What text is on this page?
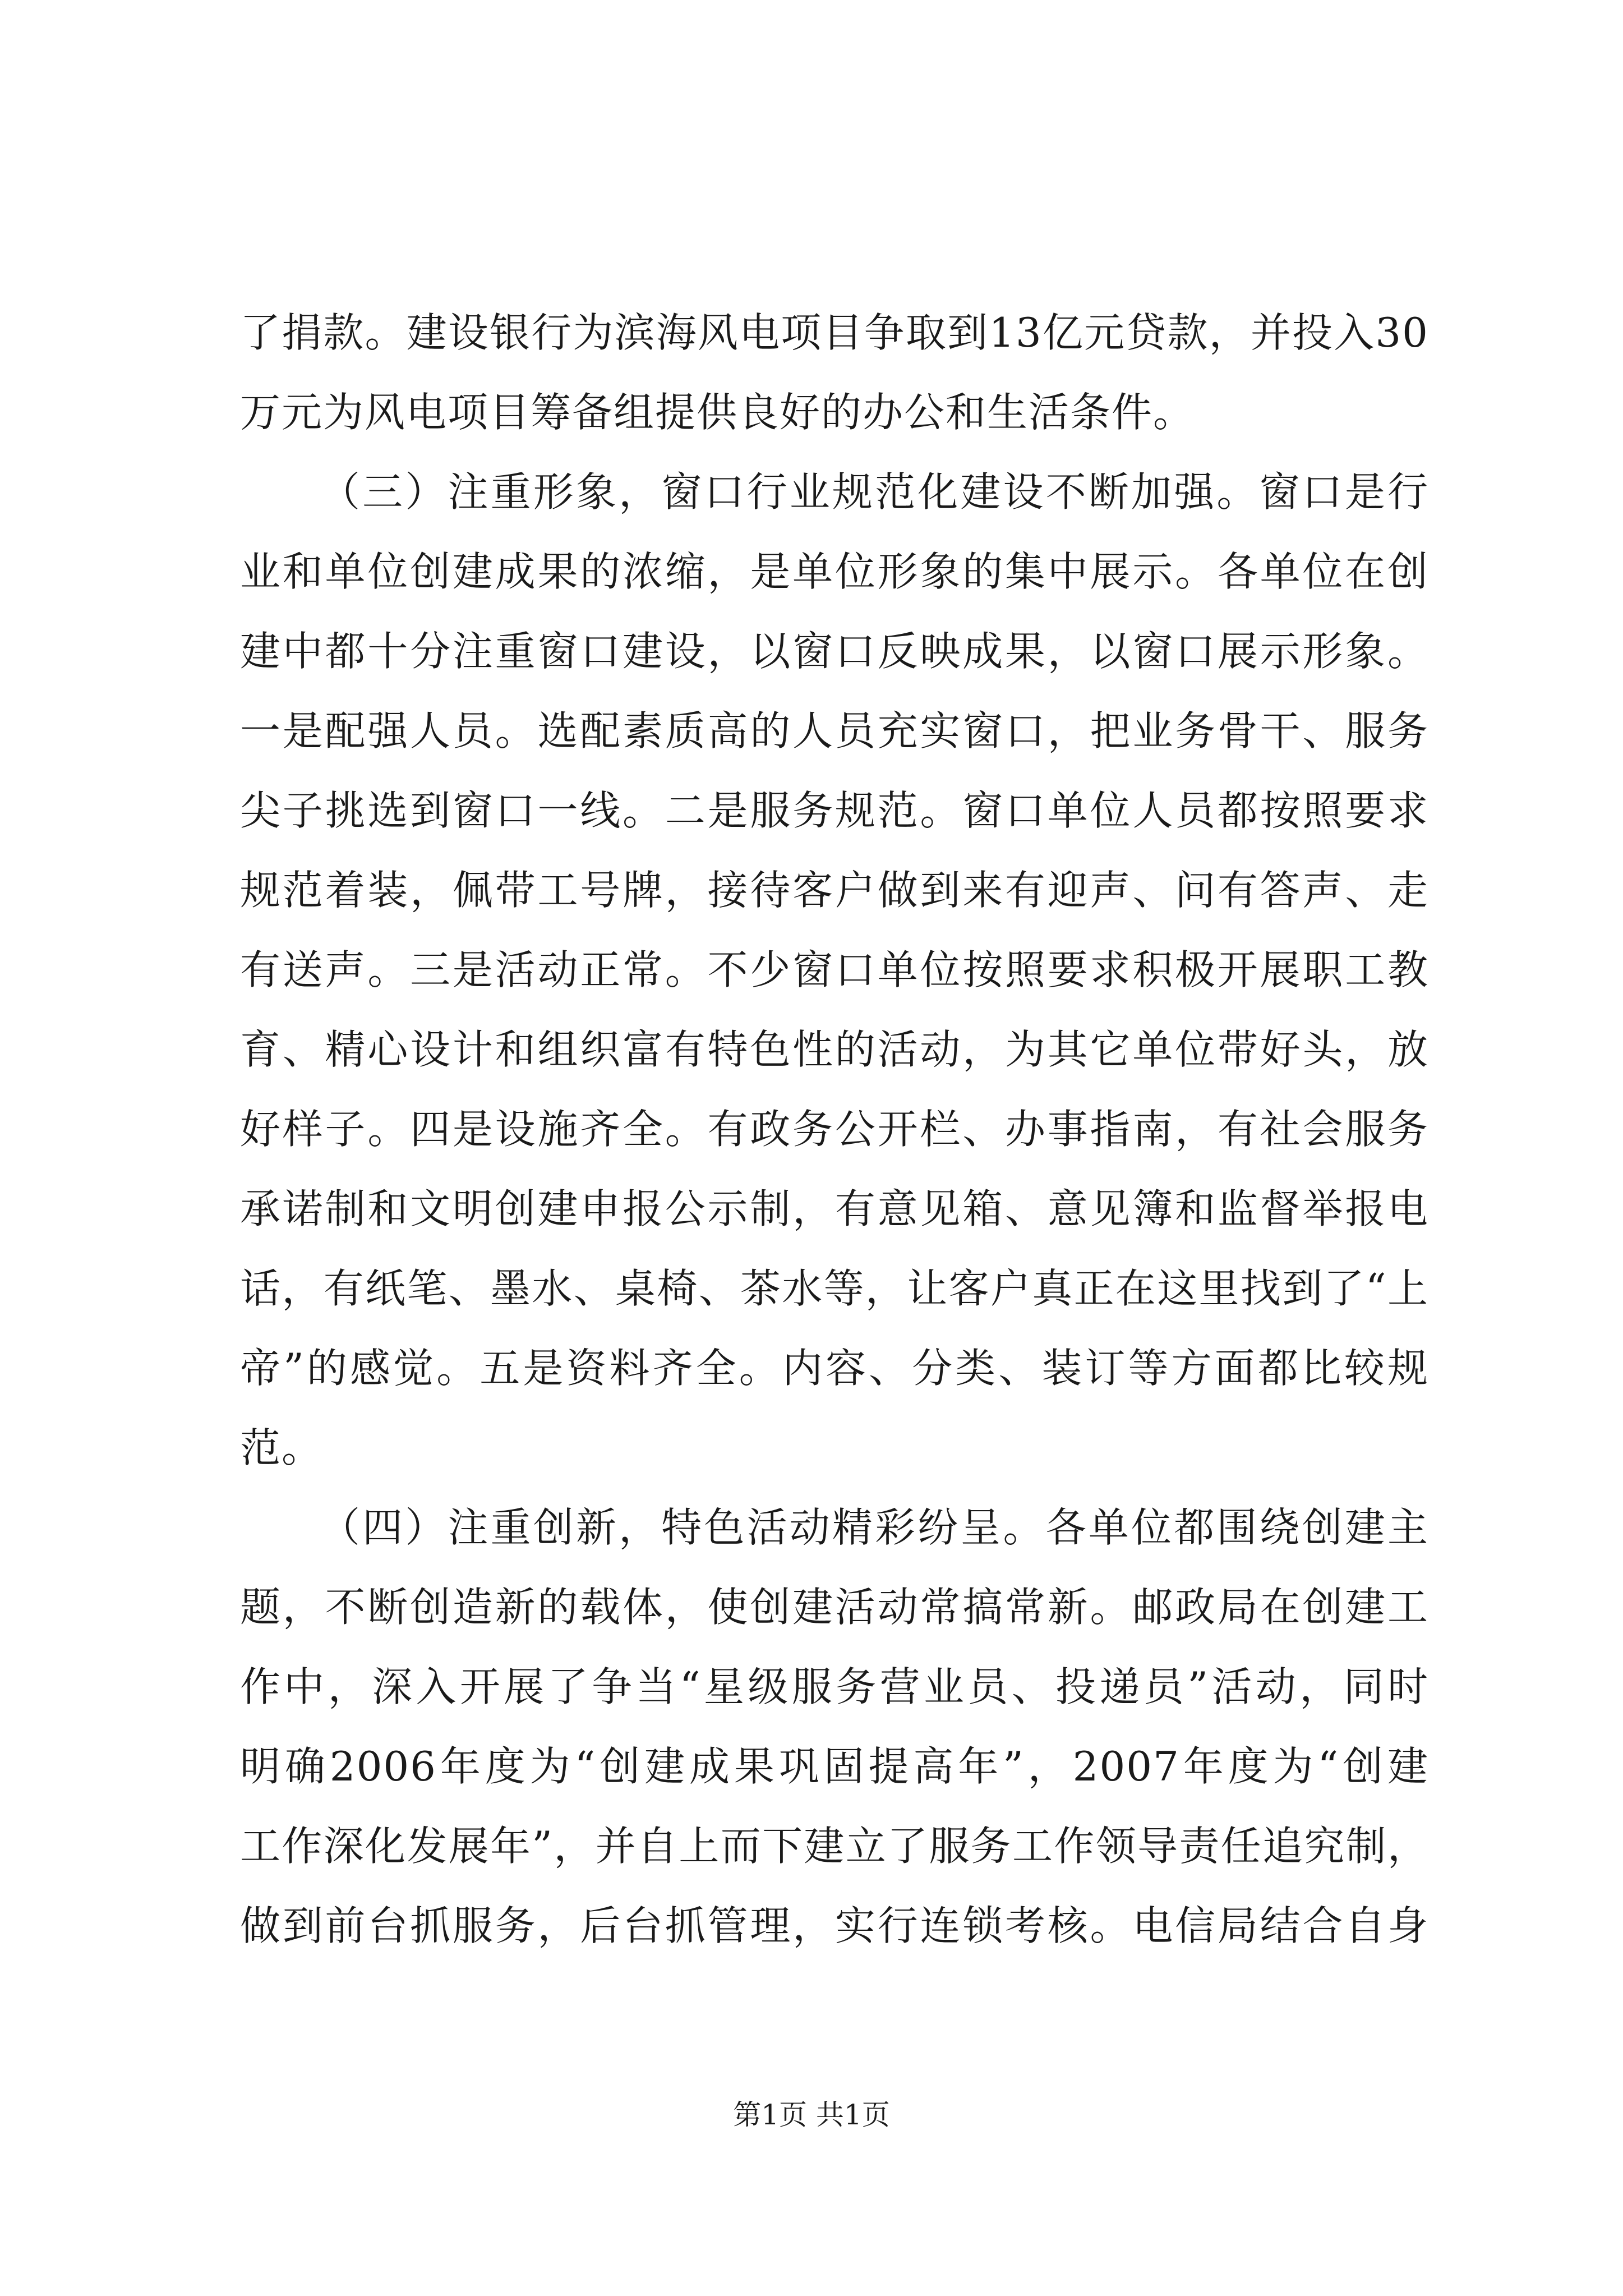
了捐款。建设银行为滨海风电项目争取到13亿元贷款，并投入30
万元为风电项目筹备组提供良好的办公和生活条件。
（三）注重形象，窗口行业规范化建设不断加强。窗口是行
业和单位创建成果的浓缩，是单位形象的集中展示。各单位在创
建中都十分注重窗口建设，以窗口反映成果，以窗口展示形象。
一是配强人员。选配素质高的人员充实窗口，把业务骨干、服务
尖子挑选到窗口一线。二是服务规范。窗口单位人员都按照要求
规范着装，佩带工号牌，接待客户做到来有迎声、问有答声、走
有送声。三是活动正常。不少窗口单位按照要求积极开展职工教
育、精心设计和组织富有特色性的活动，为其它单位带好头，放
好样子。四是设施齐全。有政务公开栏、办事指南，有社会服务
承诺制和文明创建申报公示制，有意见箱、意见簿和监督举报电
话，有纸笔、墨水、桌椅、茶水等，让客户真正在这里找到了“上
帝”的感觉。五是资料齐全。内容、分类、装订等方面都比较规
范。
（四）注重创新，特色活动精彩纷呈。各单位都围绕创建主
题，不断创造新的载体，使创建活动常搞常新。邮政局在创建工
作中，深入开展了争当“星级服务营业员、投递员”活动，同时
明确2006年度为“创建成果巩固提高年”，2007年度为“创建
工作深化发展年”，并自上而下建立了服务工作领导责任追究制，
做到前台抓服务，后台抓管理，实行连锁考核。电信局结合自身
第1页 共1页
